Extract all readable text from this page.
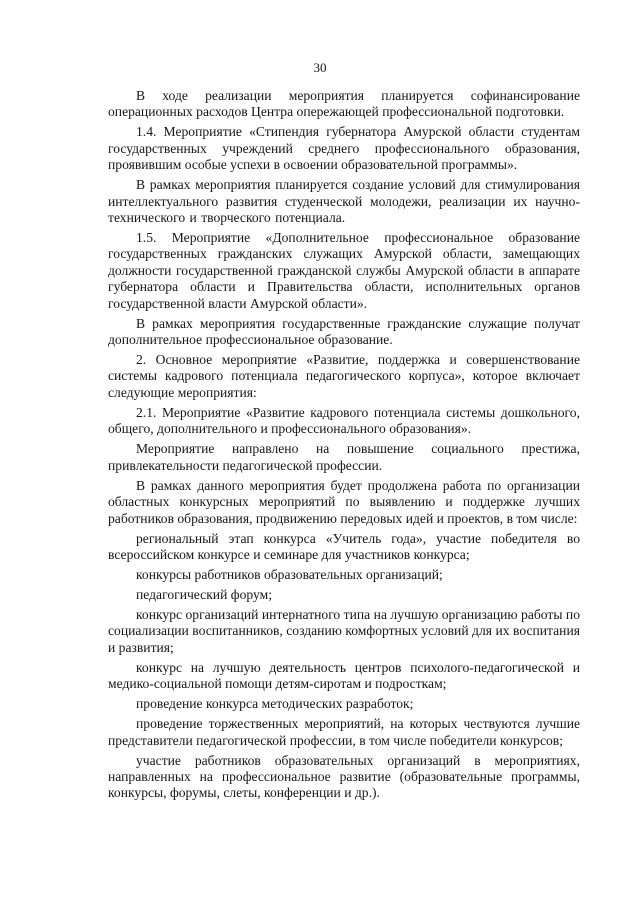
30

В ходе реализации мероприятия планируется софинансирование операционных расходов Центра опережающей профессиональной подготовки.

1.4. Мероприятие «Стипендия губернатора Амурской области студентам государственных учреждений среднего профессионального образования, проявившим особые успехи в освоении образовательной программы».

В рамках мероприятия планируется создание условий для стимулирования интеллектуального развития студенческой молодежи, реализации их научно-технического и творческого потенциала.

1.5. Мероприятие «Дополнительное профессиональное образование государственных гражданских служащих Амурской области, замещающих должности государственной гражданской службы Амурской области в аппарате губернатора области и Правительства области, исполнительных органов государственной власти Амурской области».

В рамках мероприятия государственные гражданские служащие получат дополнительное профессиональное образование.

2. Основное мероприятие «Развитие, поддержка и совершенствование системы кадрового потенциала педагогического корпуса», которое включает следующие мероприятия:

2.1. Мероприятие «Развитие кадрового потенциала системы дошкольного, общего, дополнительного и профессионального образования».

Мероприятие направлено на повышение социального престижа, привлекательности педагогической профессии.

В рамках данного мероприятия будет продолжена работа по организации областных конкурсных мероприятий по выявлению и поддержке лучших работников образования, продвижению передовых идей и проектов, в том числе:

региональный этап конкурса «Учитель года», участие победителя во всероссийском конкурсе и семинаре для участников конкурса;

конкурсы работников образовательных организаций;

педагогический форум;

конкурс организаций интернатного типа на лучшую организацию работы по социализации воспитанников, созданию комфортных условий для их воспитания и развития;

конкурс на лучшую деятельность центров психолого-педагогической и медико-социальной помощи детям-сиротам и подросткам;

проведение конкурса методических разработок;

проведение торжественных мероприятий, на которых чествуются лучшие представители педагогической профессии, в том числе победители конкурсов;

участие работников образовательных организаций в мероприятиях, направленных на профессиональное развитие (образовательные программы, конкурсы, форумы, слеты, конференции и др.).
